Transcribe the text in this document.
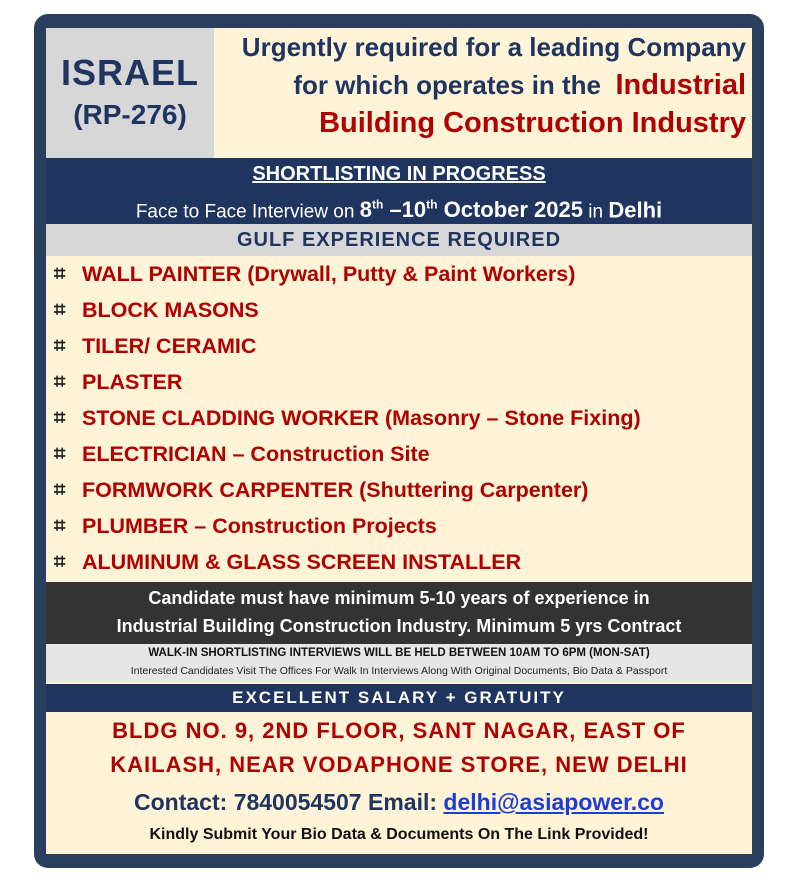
ISRAEL
(RP-276)
Urgently required for a leading Company
for which operates in the Industrial
Building Construction Industry
SHORTLISTING IN PROGRESS
Face to Face Interview on 8th –10th October 2025 in Delhi
GULF EXPERIENCE REQUIRED
⌗ WALL PAINTER (Drywall, Putty & Paint Workers)
⌗ BLOCK MASONS
⌗ TILER/ CERAMIC
⌗ PLASTER
⌗ STONE CLADDING WORKER (Masonry – Stone Fixing)
⌗ ELECTRICIAN – Construction Site
⌗ FORMWORK CARPENTER (Shuttering Carpenter)
⌗ PLUMBER – Construction Projects
⌗ ALUMINUM & GLASS SCREEN INSTALLER
Candidate must have minimum 5-10 years of experience in
Industrial Building Construction Industry. Minimum 5 yrs Contract
WALK-IN SHORTLISTING INTERVIEWS WILL BE HELD BETWEEN 10AM TO 6PM (MON-SAT)
Interested Candidates Visit The Offices For Walk In Interviews Along With Original Documents, Bio Data & Passport
EXCELLENT SALARY + GRATUITY
BLDG NO. 9, 2ND FLOOR, SANT NAGAR, EAST OF
KAILASH, NEAR VODAPHONE STORE, NEW DELHI
Contact: 7840054507 Email: delhi@asiapower.co
Kindly Submit Your Bio Data & Documents On The Link Provided!
